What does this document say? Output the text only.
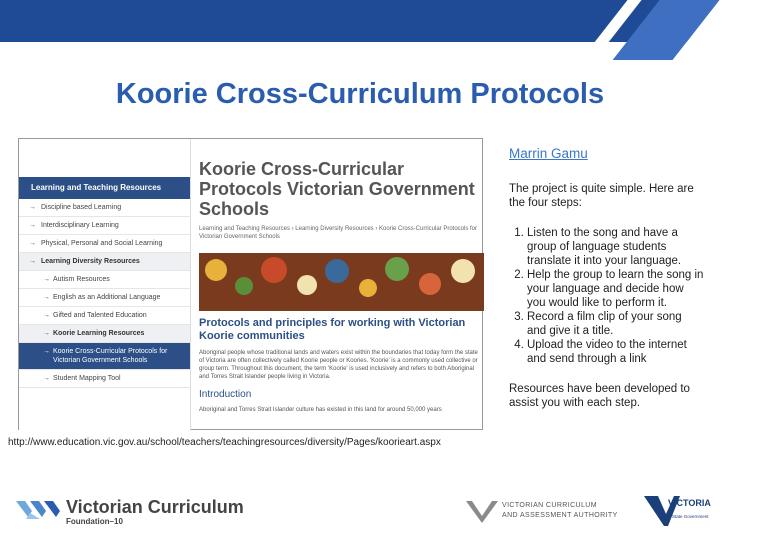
Koorie Cross-Curriculum Protocols
Learning and Teaching Resources
→ Discipline based Learning
→ Interdisciplinary Learning
→ Physical, Personal and Social Learning
→ Learning Diversity Resources
→ Autism Resources
→ English as an Additional Language
→ Gifted and Talented Education
→ Koorie Learning Resources
→ Koorie Cross-Curricular Protocols for Victorian Government Schools
→ Student Mapping Tool
Koorie Cross-Curricular Protocols Victorian Government Schools
Learning and Teaching Resources › Learning Diversity Resources › Koorie Cross-Curricular Protocols for Victorian Government Schools
Protocols and principles for working with Victorian Koorie communities
Aboriginal people whose traditional lands and waters exist within the boundaries that today form the state of Victoria are often collectively called Koorie people or Koories. 'Koorie' is a commonly used collective or group term. Throughout this document, the term 'Koorie' is used inclusively and refers to both Aboriginal and Torres Strait Islander people living in Victoria.
Introduction
Aboriginal and Torres Strait Islander culture has existed in this land for around 50,000 years
http://www.education.vic.gov.au/school/teachers/teachingresources/diversity/Pages/koorieart.aspx
Marrin Gamu

The project is quite simple. Here are the four steps:

1. Listen to the song and have a group of language students translate it into your language.
2. Help the group to learn the song in your language and decide how you would like to perform it.
3. Record a film clip of your song and give it a title.
4. Upload the video to the internet and send through a link

Resources have been developed to assist you with each step.

Victorian Curriculum
Foundation–10
VICTORIAN CURRICULUM
AND ASSESSMENT AUTHORITY
VICTORIA
State Government
